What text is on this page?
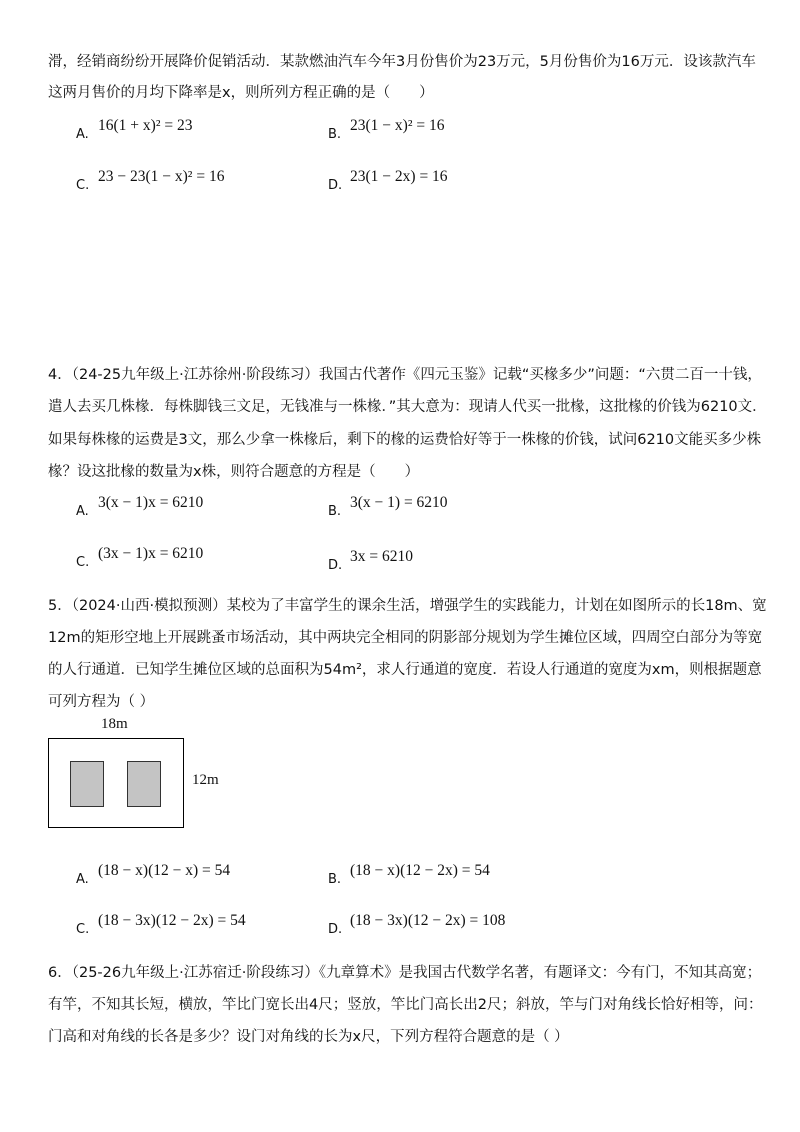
滑，经销商纷纷开展降价促销活动．某款燃油汽车今年3月份售价为23万元，5月份售价为16万元．设该款汽车
这两月售价的月均下降率是x，则所列方程正确的是（　　）
A.
16(1 + x)² = 23
B.
23(1 − x)² = 16
C.
23 − 23(1 − x)² = 16
D.
23(1 − 2x) = 16
4．（24-25九年级上·江苏徐州·阶段练习）我国古代著作《四元玉鉴》记载“买椽多少”问题：“六贯二百一十钱，
遣人去买几株椽．每株脚钱三文足，无钱准与一株椽．”其大意为：现请人代买一批椽，这批椽的价钱为6210文．
如果每株椽的运费是3文，那么少拿一株椽后，剩下的椽的运费恰好等于一株椽的价钱，试问6210文能买多少株
椽？设这批椽的数量为x株，则符合题意的方程是（　　）
A.
3(x − 1)x = 6210
B.
3(x − 1) = 6210
C.
(3x − 1)x = 6210
D.
3x = 6210
5．（2024·山西·模拟预测）某校为了丰富学生的课余生活，增强学生的实践能力，计划在如图所示的长18m、宽
12m的矩形空地上开展跳蚤市场活动，其中两块完全相同的阴影部分规划为学生摊位区域，四周空白部分为等宽
的人行通道．已知学生摊位区域的总面积为54m²，求人行通道的宽度．若设人行通道的宽度为xm，则根据题意
可列方程为（ ）
18m
12m
A.
(18 − x)(12 − x) = 54
B.
(18 − x)(12 − 2x) = 54
C.
(18 − 3x)(12 − 2x) = 54
D.
(18 − 3x)(12 − 2x) = 108
6．（25-26九年级上·江苏宿迁·阶段练习）《九章算术》是我国古代数学名著，有题译文：今有门，不知其高宽；
有竿，不知其长短，横放，竿比门宽长出4尺；竖放，竿比门高长出2尺；斜放，竿与门对角线长恰好相等，问：
门高和对角线的长各是多少？设门对角线的长为x尺，下列方程符合题意的是（ ）
